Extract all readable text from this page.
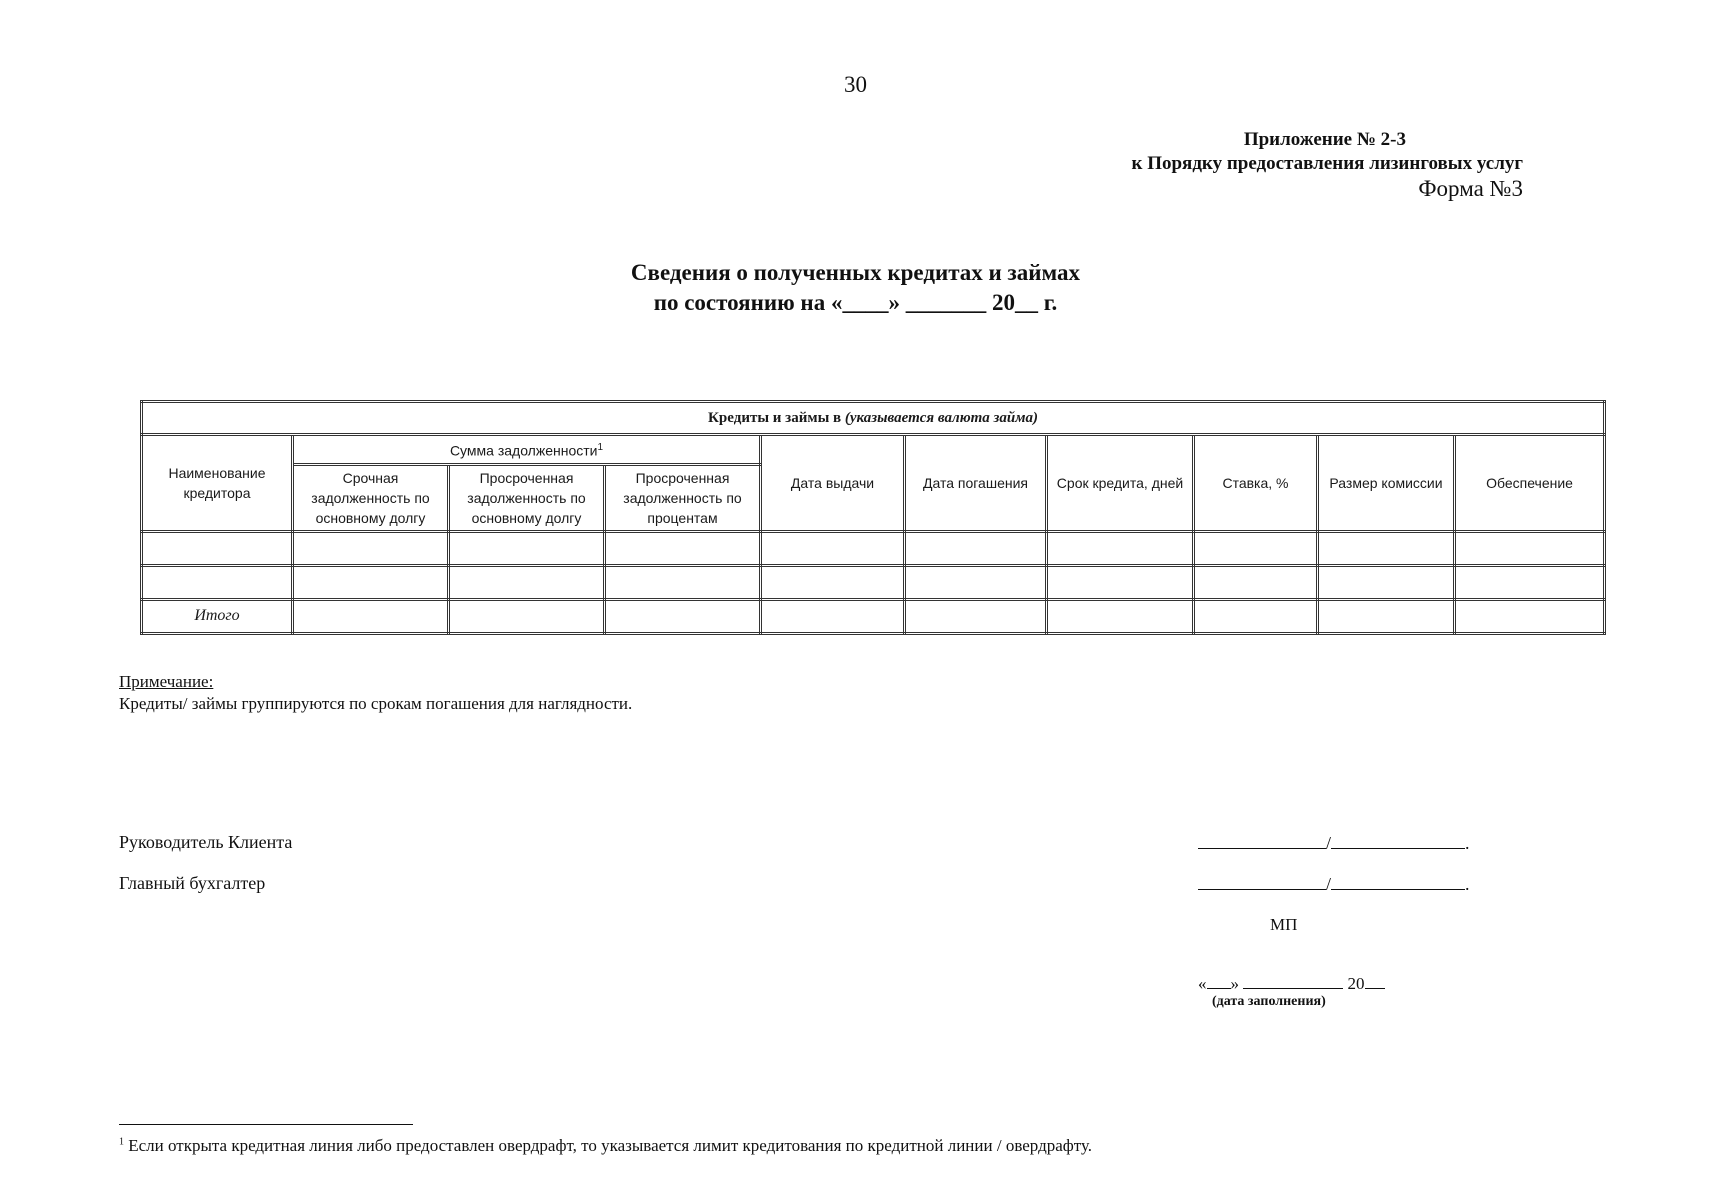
30
Приложение № 2-3
к Порядку предоставления лизинговых услуг
Форма №3
Сведения о полученных кредитах и займах
по состоянию на «____» _______ 20__ г.
Кредиты и займы в (указывается валюта займа)									
Наименование кредитора	Сумма задолженности$^1$			Дата выдачи	Дата погашения	Срок кредита, дней	Ставка, %	Размер комиссии	Обеспечение
	Срочная задолженность по основному долгу	Просроченная задолженность по основному долгу	Просроченная задолженность по процентам						

Итого									
Примечание:
Кредиты/ займы группируются по срокам погашения для наглядности.
Руководитель Клиента	/	.
Главный бухгалтер	/	.
МП
« »	20
(дата заполнения)
$^1$ Если открыта кредитная линия либо предоставлен овердрафт, то указывается лимит кредитования по кредитной линии / овердрафту.
